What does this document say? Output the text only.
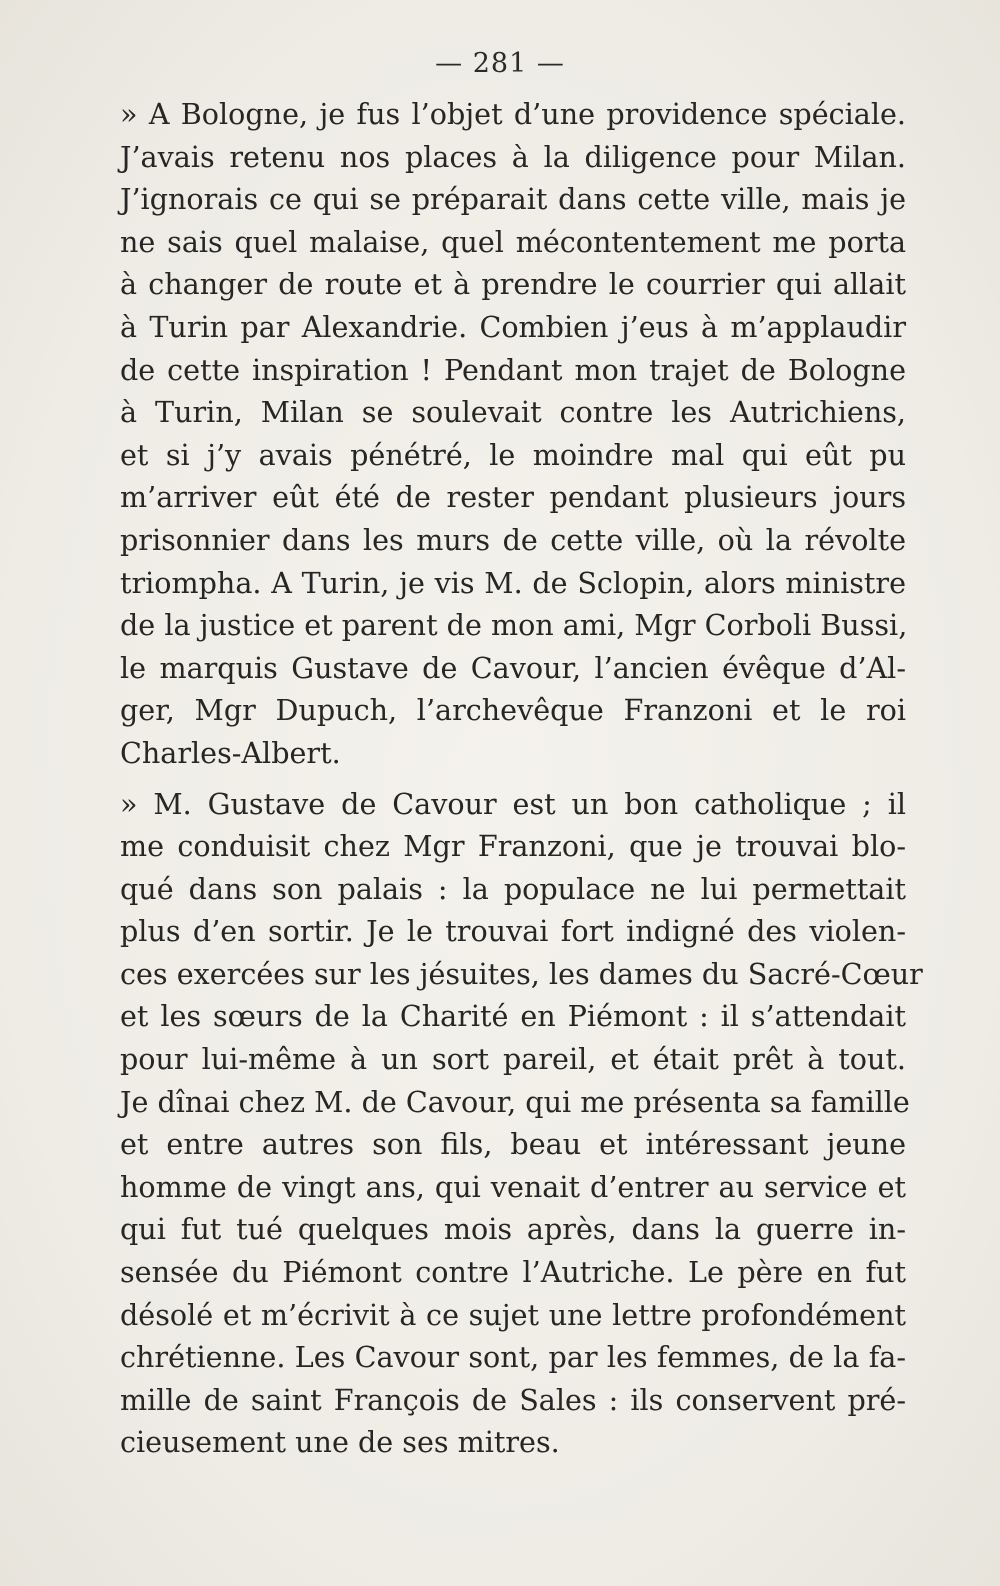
— 281 —
» A Bologne, je fus l’objet d’une providence spéciale.
J’avais retenu nos places à la diligence pour Milan.
J’ignorais ce qui se préparait dans cette ville, mais je
ne sais quel malaise, quel mécontentement me porta
à changer de route et à prendre le courrier qui allait
à Turin par Alexandrie. Combien j’eus à m’applaudir
de cette inspiration ! Pendant mon trajet de Bologne
à Turin, Milan se soulevait contre les Autrichiens,
et si j’y avais pénétré, le moindre mal qui eût pu
m’arriver eût été de rester pendant plusieurs jours
prisonnier dans les murs de cette ville, où la révolte
triompha. A Turin, je vis M. de Sclopin, alors ministre
de la justice et parent de mon ami, Mgr Corboli Bussi,
le marquis Gustave de Cavour, l’ancien évêque d’Al-
ger, Mgr Dupuch, l’archevêque Franzoni et le roi
Charles-Albert.
» M. Gustave de Cavour est un bon catholique ; il
me conduisit chez Mgr Franzoni, que je trouvai blo-
qué dans son palais : la populace ne lui permettait
plus d’en sortir. Je le trouvai fort indigné des violen-
ces exercées sur les jésuites, les dames du Sacré-Cœur
et les sœurs de la Charité en Piémont : il s’attendait
pour lui-même à un sort pareil, et était prêt à tout.
Je dînai chez M. de Cavour, qui me présenta sa famille
et entre autres son fils, beau et intéressant jeune
homme de vingt ans, qui venait d’entrer au service et
qui fut tué quelques mois après, dans la guerre in-
sensée du Piémont contre l’Autriche. Le père en fut
désolé et m’écrivit à ce sujet une lettre profondément
chrétienne. Les Cavour sont, par les femmes, de la fa-
mille de saint François de Sales : ils conservent pré-
cieusement une de ses mitres.
